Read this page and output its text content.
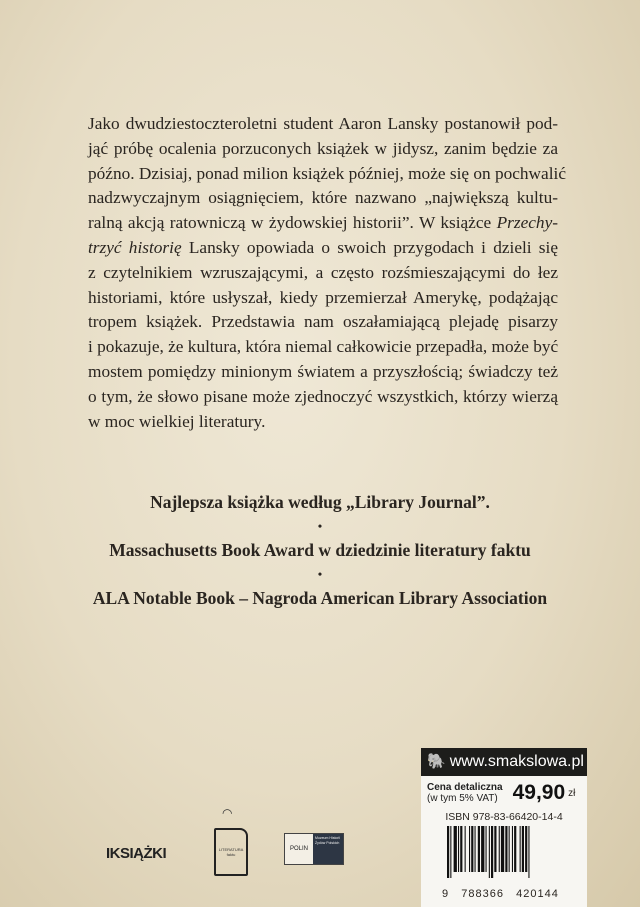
Jako dwudziestoczteroletni student Aaron Lansky postanowił pod-
jąć próbę ocalenia porzuconych książek w jidysz, zanim będzie za
późno. Dzisiaj, ponad milion książek później, może się on pochwalić
nadzwyczajnym osiągnięciem, które nazwano „największą kultu-
ralną akcją ratowniczą w żydowskiej historii”. W książce Przechy-
trzyć historię Lansky opowiada o swoich przygodach i dzieli się
z czytelnikiem wzruszającymi, a często rozśmieszającymi do łez
historiami, które usłyszał, kiedy przemierzał Amerykę, podążając
tropem książek. Przedstawia nam oszałamiającą plejadę pisarzy
i pokazuje, że kultura, która niemal całkowicie przepadła, może być
mostem pomiędzy minionym światem a przyszłością; świadczy też
o tym, że słowo pisane może zjednoczyć wszystkich, którzy wierzą
w moc wielkiej literatury.
Najlepsza książka według „Library Journal”.
•
Massachusetts Book Award w dziedzinie literatury faktu
•
ALA Notable Book – Nagroda American Library Association
IKSIĄŻKI
◠
LITERATURA faktu
POLIN
Muzeum Historii Żydów Polskich
🐘 www.smakslowa.pl
Cena detaliczna
(w tym 5% VAT) 49,90 zł
ISBN 978-83-66420-14-4
9   788366   420144
